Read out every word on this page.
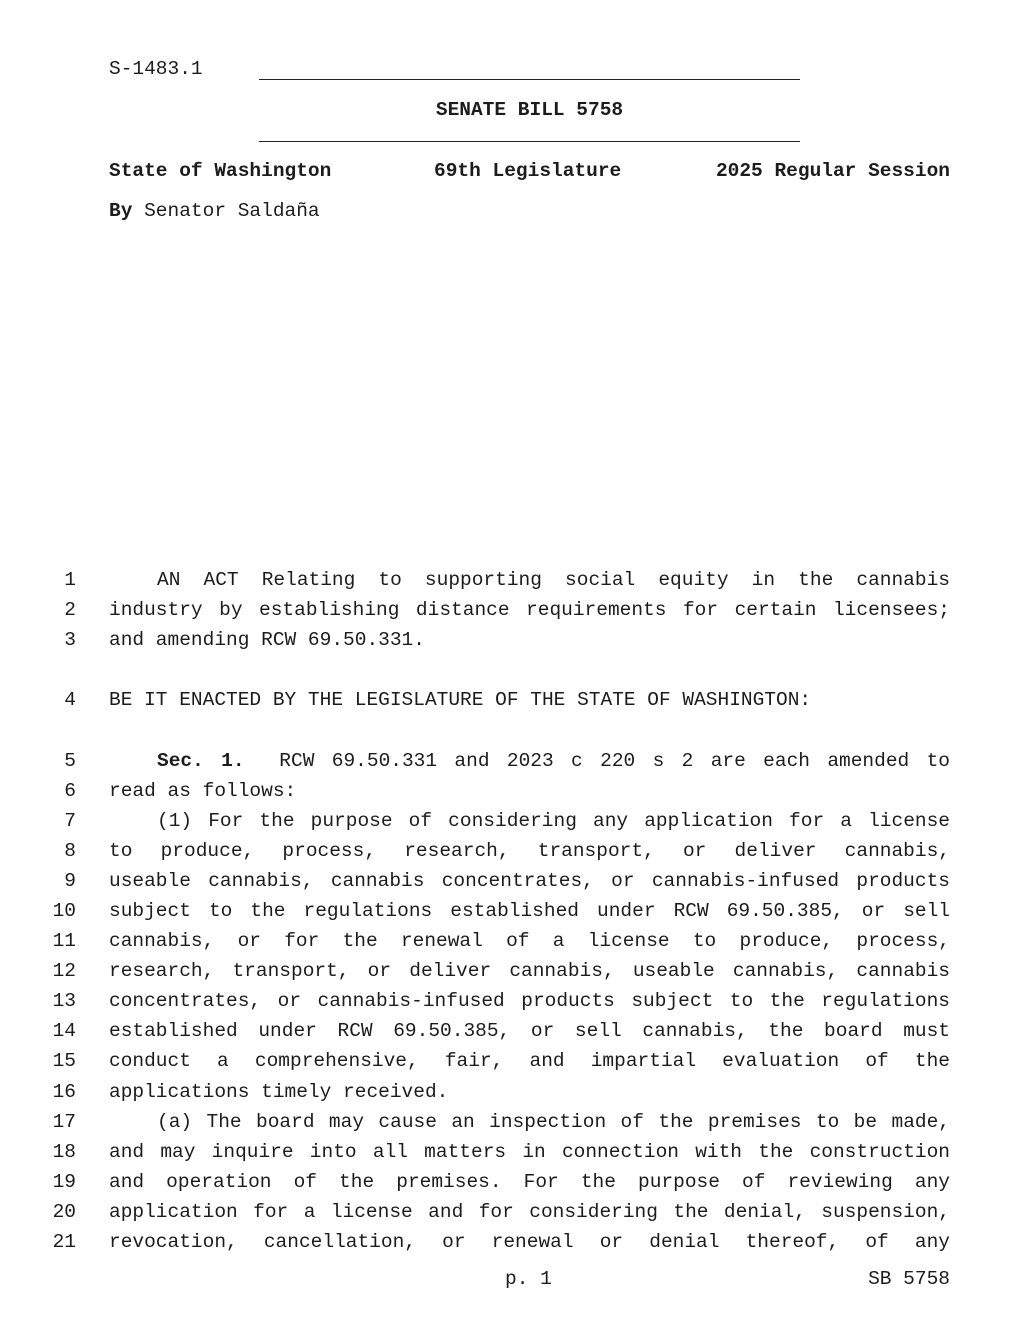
S-1483.1
SENATE BILL 5758
State of Washington	69th Legislature	2025 Regular Session
By Senator Saldaña
1	AN ACT Relating to supporting social equity in the cannabis
2 industry by establishing distance requirements for certain licensees;
3 and amending RCW 69.50.331.
4 BE IT ENACTED BY THE LEGISLATURE OF THE STATE OF WASHINGTON:
5	Sec. 1. RCW 69.50.331 and 2023 c 220 s 2 are each amended to
6 read as follows:
7	(1) For the purpose of considering any application for a license
8 to produce, process, research, transport, or deliver cannabis,
9 useable cannabis, cannabis concentrates, or cannabis-infused products
10 subject to the regulations established under RCW 69.50.385, or sell
11 cannabis, or for the renewal of a license to produce, process,
12 research, transport, or deliver cannabis, useable cannabis, cannabis
13 concentrates, or cannabis-infused products subject to the regulations
14 established under RCW 69.50.385, or sell cannabis, the board must
15 conduct a comprehensive, fair, and impartial evaluation of the
16 applications timely received.
17	(a) The board may cause an inspection of the premises to be made,
18 and may inquire into all matters in connection with the construction
19 and operation of the premises. For the purpose of reviewing any
20 application for a license and for considering the denial, suspension,
21 revocation, cancellation, or renewal or denial thereof, of any
p. 1	SB 5758
